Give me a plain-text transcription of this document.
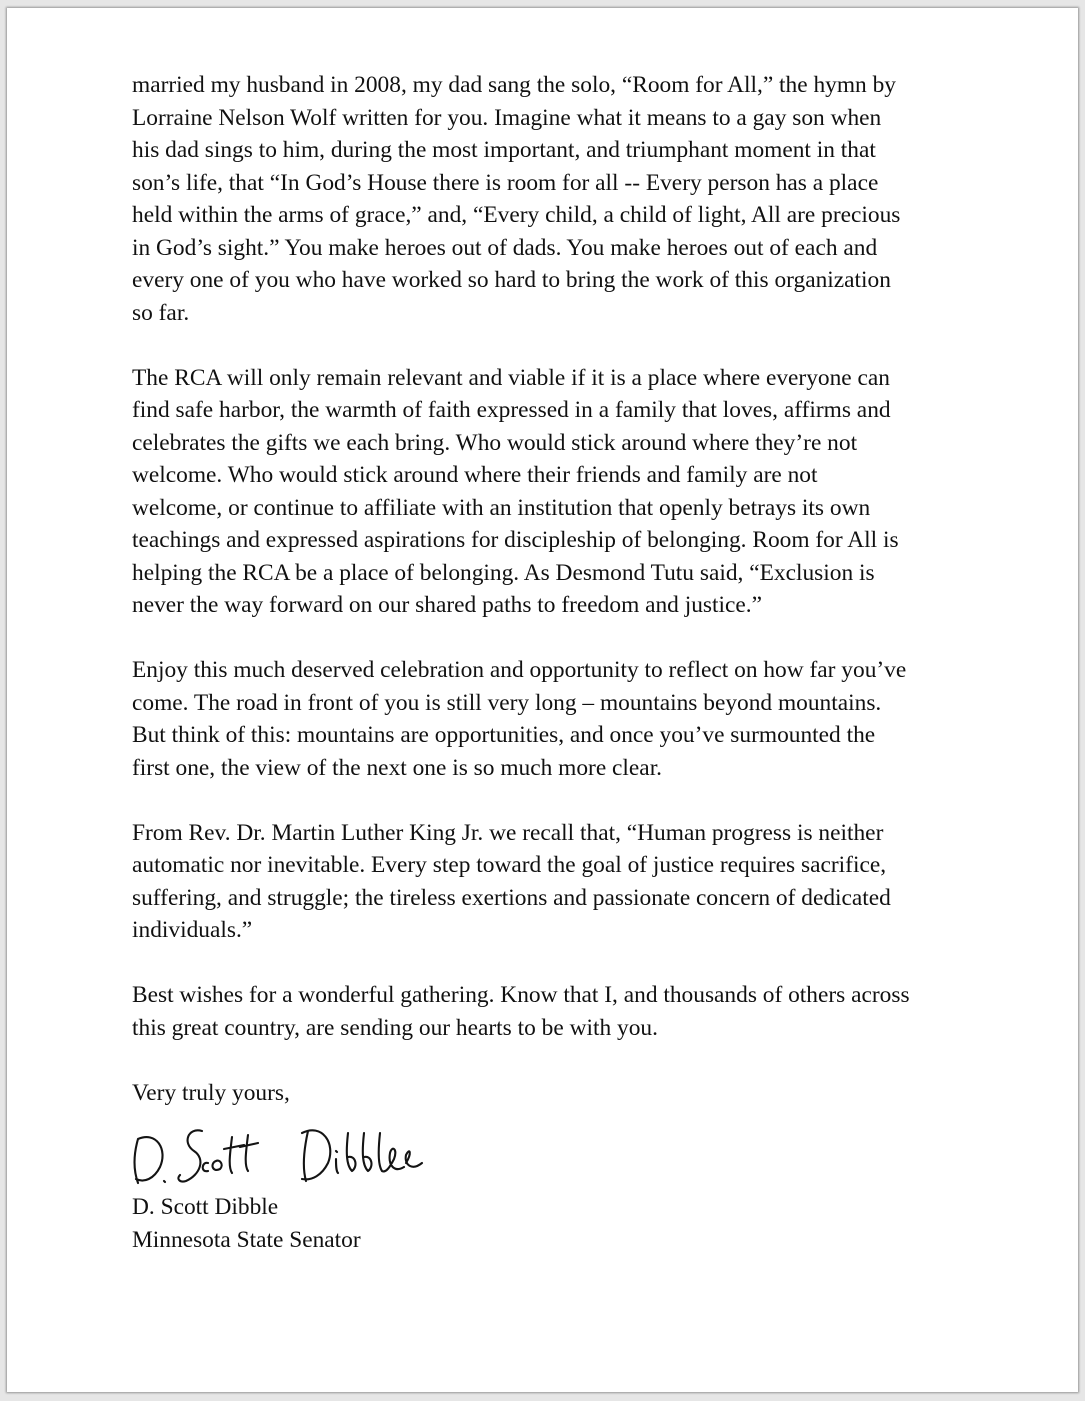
married my husband in 2008, my dad sang the solo, “Room for All,” the hymn by
Lorraine Nelson Wolf written for you. Imagine what it means to a gay son when
his dad sings to him, during the most important, and triumphant moment in that
son’s life, that “In God’s House there is room for all -- Every person has a place
held within the arms of grace,” and, “Every child, a child of light, All are precious
in God’s sight.” You make heroes out of dads. You make heroes out of each and
every one of you who have worked so hard to bring the work of this organization
so far.

The RCA will only remain relevant and viable if it is a place where everyone can
find safe harbor, the warmth of faith expressed in a family that loves, affirms and
celebrates the gifts we each bring. Who would stick around where they’re not
welcome. Who would stick around where their friends and family are not
welcome, or continue to affiliate with an institution that openly betrays its own
teachings and expressed aspirations for discipleship of belonging. Room for All is
helping the RCA be a place of belonging. As Desmond Tutu said, “Exclusion is
never the way forward on our shared paths to freedom and justice.”

Enjoy this much deserved celebration and opportunity to reflect on how far you’ve
come. The road in front of you is still very long – mountains beyond mountains.
But think of this: mountains are opportunities, and once you’ve surmounted the
first one, the view of the next one is so much more clear.

From Rev. Dr. Martin Luther King Jr. we recall that, “Human progress is neither
automatic nor inevitable. Every step toward the goal of justice requires sacrifice,
suffering, and struggle; the tireless exertions and passionate concern of dedicated
individuals.”

Best wishes for a wonderful gathering. Know that I, and thousands of others across
this great country, are sending our hearts to be with you.

Very truly yours,

D. Scott Dibble
Minnesota State Senator
